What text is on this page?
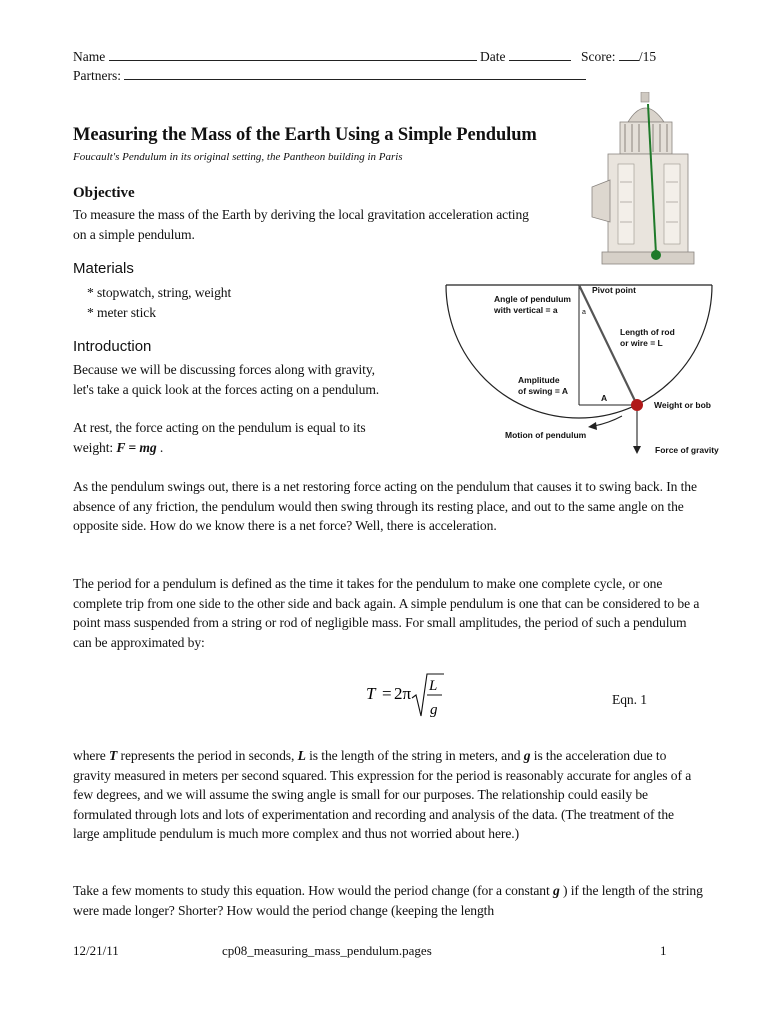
Name	Date	Score: /15
Partners:
Measuring the Mass of the Earth Using a Simple Pendulum
Foucault's Pendulum in its original setting, the Pantheon building in Paris
Objective
To measure the mass of the Earth by deriving the local gravitation acceleration acting
on a simple pendulum.
Materials
* stopwatch, string, weight
* meter stick
Introduction
Because we will be discussing forces along with gravity,
let's take a quick look at the forces acting on a pendulum.
At rest, the force acting on the pendulum is equal to its
weight: F = mg .
Pivot point
Angle of pendulum
with vertical = a	a
Length of rod
or wire = L
Amplitude
of swing = A
A
Weight or bob
Motion of pendulum
Force of gravity
As the pendulum swings out, there is a net restoring force acting on the pendulum that causes it to swing back. In the absence of any friction, the pendulum would then swing through its resting place, and out to the same angle on the opposite side. How do we know there is a net force? Well, there is acceleration.
The period for a pendulum is defined as the time it takes for the pendulum to make one complete cycle, or one complete trip from one side to the other side and back again. A simple pendulum is one that can be considered to be a point mass suspended from a string or rod of negligible mass. For small amplitudes, the period of such a pendulum can be approximated by:
T = 2π L
g
Eqn. 1
where T represents the period in seconds, L is the length of the string in meters, and g is the acceleration due to gravity measured in meters per second squared. This expression for the period is reasonably accurate for angles of a few degrees, and we will assume the swing angle is small for our purposes. The relationship could easily be formulated through lots and lots of experimentation and recording and analysis of the data. (The treatment of the large amplitude pendulum is much more complex and thus not worried about here.)
Take a few moments to study this equation. How would the period change (for a constant g ) if the length of the string were made longer? Shorter? How would the period change (keeping the length
12/21/11	cp08_measuring_mass_pendulum.pages	1
